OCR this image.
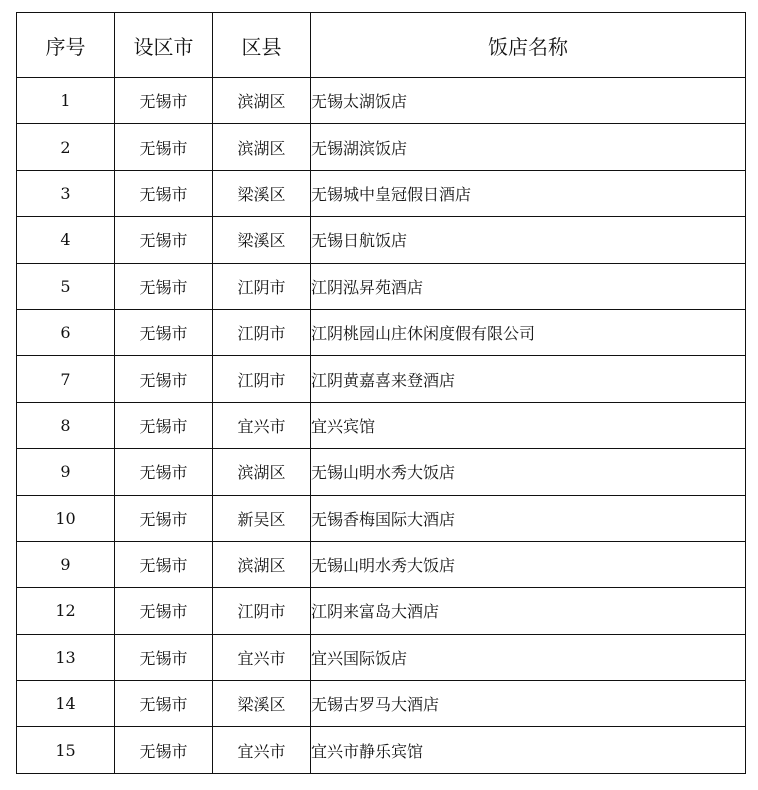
序号	设区市	区县	饭店名称
1	无锡市	滨湖区	无锡太湖饭店
2	无锡市	滨湖区	无锡湖滨饭店
3	无锡市	梁溪区	无锡城中皇冠假日酒店
4	无锡市	梁溪区	无锡日航饭店
5	无锡市	江阴市	江阴泓昇苑酒店
6	无锡市	江阴市	江阴桃园山庄休闲度假有限公司
7	无锡市	江阴市	江阴黄嘉喜来登酒店
8	无锡市	宜兴市	宜兴宾馆
9	无锡市	滨湖区	无锡山明水秀大饭店
10	无锡市	新吴区	无锡香梅国际大酒店
9	无锡市	滨湖区	无锡山明水秀大饭店
12	无锡市	江阴市	江阴来富岛大酒店
13	无锡市	宜兴市	宜兴国际饭店
14	无锡市	梁溪区	无锡古罗马大酒店
15	无锡市	宜兴市	宜兴市静乐宾馆
